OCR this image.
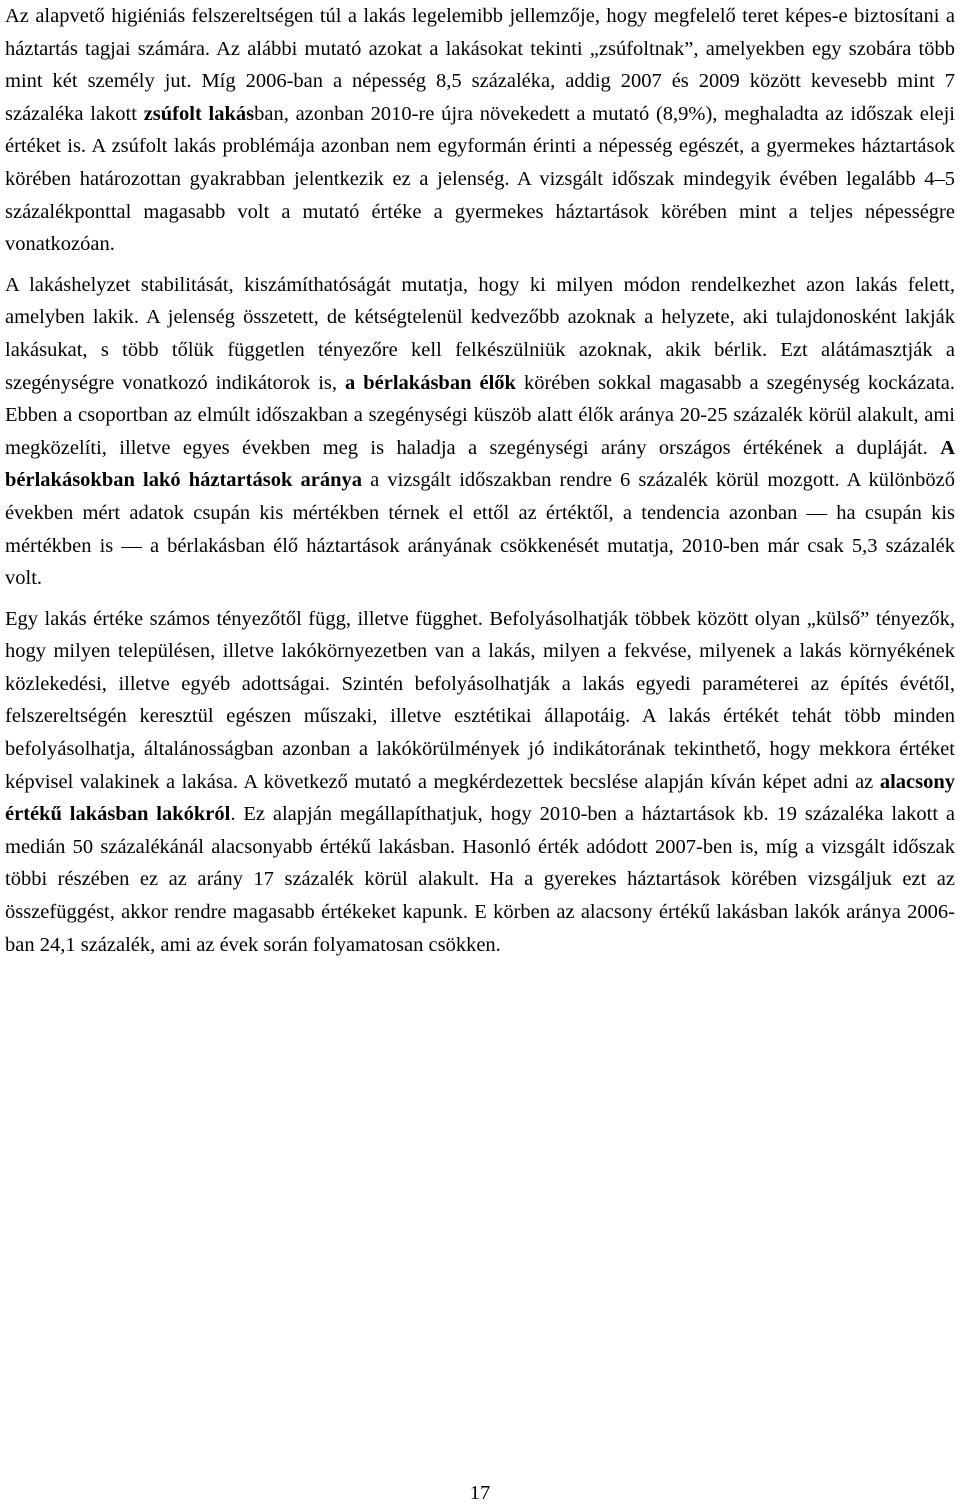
Az alapvető higiéniás felszereltségen túl a lakás legelemibb jellemzője, hogy megfelelő teret képes-e biztosítani a háztartás tagjai számára. Az alábbi mutató azokat a lakásokat tekinti „zsúfoltnak”, amelyekben egy szobára több mint két személy jut. Míg 2006-ban a népesség 8,5 százaléka, addig 2007 és 2009 között kevesebb mint 7 százaléka lakott zsúfolt lakásban, azonban 2010-re újra növekedett a mutató (8,9%), meghaladta az időszak eleji értéket is. A zsúfolt lakás problémája azonban nem egyformán érinti a népesség egészét, a gyermekes háztartások körében határozottan gyakrabban jelentkezik ez a jelenség. A vizsgált időszak mindegyik évében legalább 4–5 százalékponttal magasabb volt a mutató értéke a gyermekes háztartások körében mint a teljes népességre vonatkozóan.

A lakáshelyzet stabilitását, kiszámíthatóságát mutatja, hogy ki milyen módon rendelkezhet azon lakás felett, amelyben lakik. A jelenség összetett, de kétségtelenül kedvezőbb azoknak a helyzete, aki tulajdonosként lakják lakásukat, s több tőlük független tényezőre kell felkészülniük azoknak, akik bérlik. Ezt alátámasztják a szegénységre vonatkozó indikátorok is, a bérlakásban élők körében sokkal magasabb a szegénység kockázata. Ebben a csoportban az elmúlt időszakban a szegénységi küszöb alatt élők aránya 20-25 százalék körül alakult, ami megközelíti, illetve egyes években meg is haladja a szegénységi arány országos értékének a dupláját. A bérlakásokban lakó háztartások aránya a vizsgált időszakban rendre 6 százalék körül mozgott. A különböző években mért adatok csupán kis mértékben térnek el ettől az értéktől, a tendencia azonban — ha csupán kis mértékben is — a bérlakásban élő háztartások arányának csökkenését mutatja, 2010-ben már csak 5,3 százalék volt.

Egy lakás értéke számos tényezőtől függ, illetve függhet. Befolyásolhatják többek között olyan „külső” tényezők, hogy milyen településen, illetve lakókörnyezetben van a lakás, milyen a fekvése, milyenek a lakás környékének közlekedési, illetve egyéb adottságai. Szintén befolyásolhatják a lakás egyedi paraméterei az építés évétől, felszereltségén keresztül egészen műszaki, illetve esztétikai állapotáig. A lakás értékét tehát több minden befolyásolhatja, általánosságban azonban a lakókörülmények jó indikátorának tekinthető, hogy mekkora értéket képvisel valakinek a lakása. A következő mutató a megkérdezettek becslése alapján kíván képet adni az alacsony értékű lakásban lakókról. Ez alapján megállapíthatjuk, hogy 2010-ben a háztartások kb. 19 százaléka lakott a medián 50 százalékánál alacsonyabb értékű lakásban. Hasonló érték adódott 2007-ben is, míg a vizsgált időszak többi részében ez az arány 17 százalék körül alakult. Ha a gyerekes háztartások körében vizsgáljuk ezt az összefüggést, akkor rendre magasabb értékeket kapunk. E körben az alacsony értékű lakásban lakók aránya 2006-ban 24,1 százalék, ami az évek során folyamatosan csökken.

17
